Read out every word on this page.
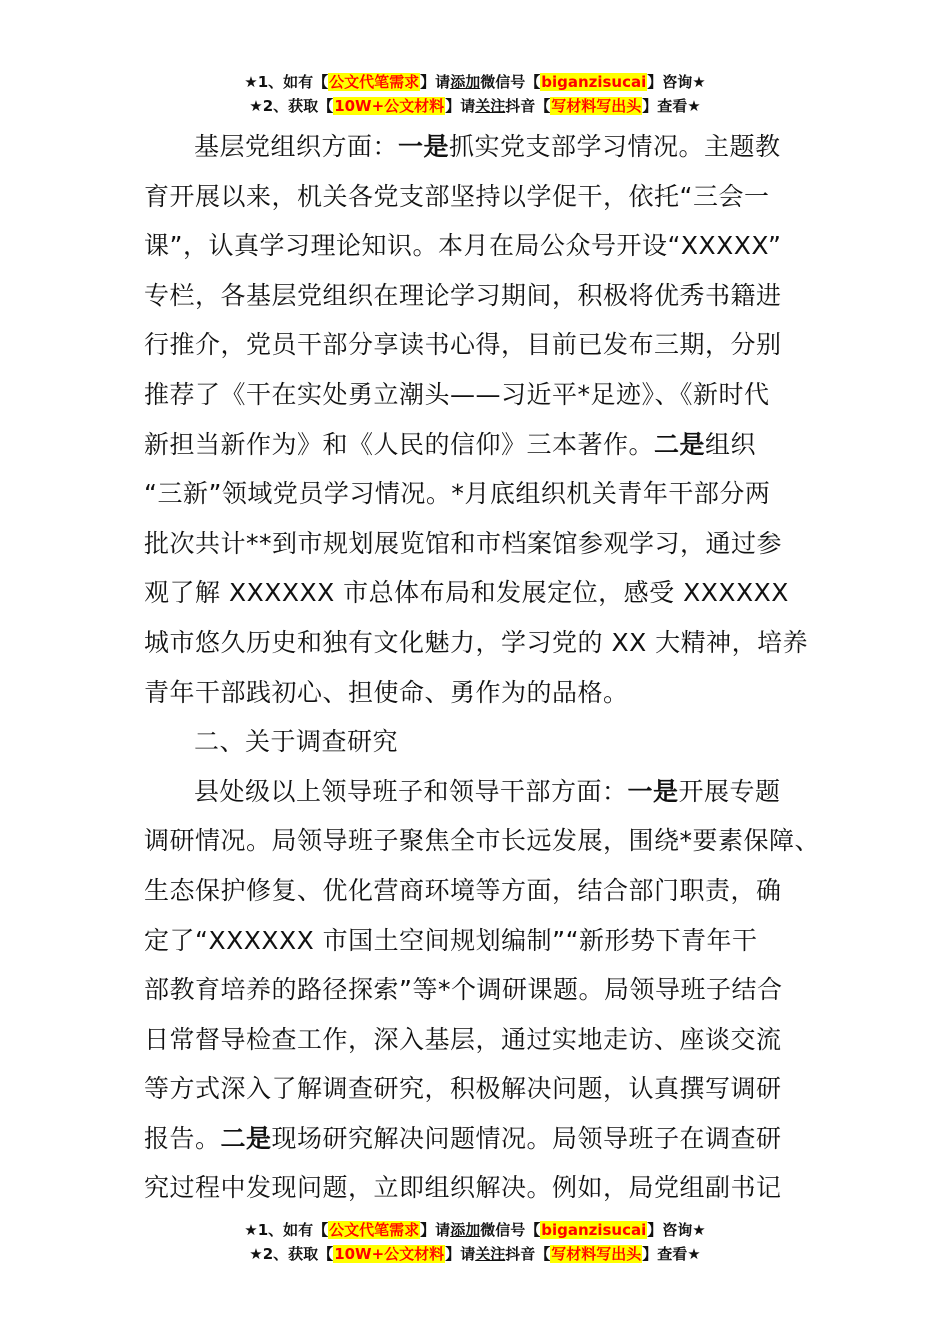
★1、如有【公文代笔需求】请添加微信号【biganzisucai】咨询★
★2、获取【10W+公文材料】请关注抖音【写材料写出头】查看★
基层党组织方面：一是抓实党支部学习情况。主题教
育开展以来，机关各党支部坚持以学促干，依托“三会一
课”，认真学习理论知识。本月在局公众号开设“XXXXX”
专栏，各基层党组织在理论学习期间，积极将优秀书籍进
行推介，党员干部分享读书心得，目前已发布三期，分别
推荐了《干在实处勇立潮头——习近平*足迹》、《新时代
新担当新作为》和《人民的信仰》三本著作。二是组织
“三新”领域党员学习情况。*月底组织机关青年干部分两
批次共计**到市规划展览馆和市档案馆参观学习，通过参
观了解 XXXXXX 市总体布局和发展定位，感受 XXXXXX
城市悠久历史和独有文化魅力，学习党的 XX 大精神，培养
青年干部践初心、担使命、勇作为的品格。
二、关于调查研究
县处级以上领导班子和领导干部方面：一是开展专题
调研情况。局领导班子聚焦全市长远发展，围绕*要素保障、
生态保护修复、优化营商环境等方面，结合部门职责，确
定了“XXXXXX 市国土空间规划编制”“新形势下青年干
部教育培养的路径探索”等*个调研课题。局领导班子结合
日常督导检查工作，深入基层，通过实地走访、座谈交流
等方式深入了解调查研究，积极解决问题，认真撰写调研
报告。二是现场研究解决问题情况。局领导班子在调查研
究过程中发现问题，立即组织解决。例如，局党组副书记
★1、如有【公文代笔需求】请添加微信号【biganzisucai】咨询★
★2、获取【10W+公文材料】请关注抖音【写材料写出头】查看★
